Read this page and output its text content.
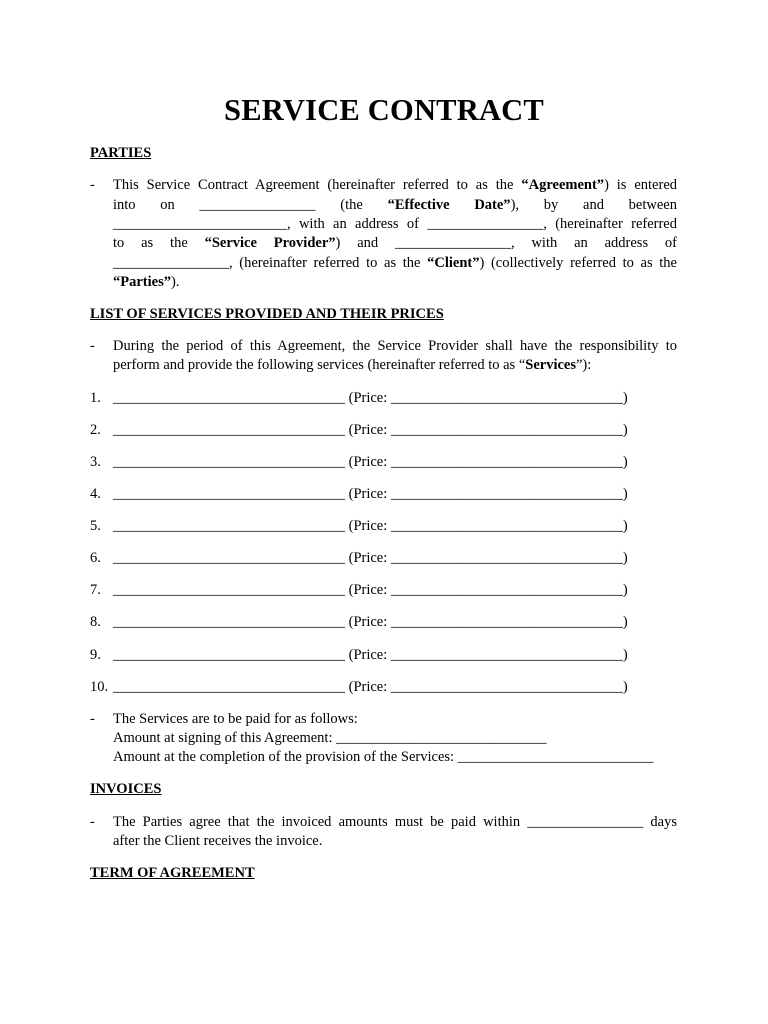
SERVICE CONTRACT
PARTIES
- This Service Contract Agreement (hereinafter referred to as the “Agreement”) is entered
into on ________________ (the “Effective Date”), by and between
________________________, with an address of ________________, (hereinafter referred
to as the “Service Provider”) and ________________, with an address of
________________, (hereinafter referred to as the “Client”) (collectively referred to as the
“Parties”).
LIST OF SERVICES PROVIDED AND THEIR PRICES
- During the period of this Agreement, the Service Provider shall have the responsibility to
perform and provide the following services (hereinafter referred to as “Services”):
1. ________________________________ (Price: ________________________________)
2. ________________________________ (Price: ________________________________)
3. ________________________________ (Price: ________________________________)
4. ________________________________ (Price: ________________________________)
5. ________________________________ (Price: ________________________________)
6. ________________________________ (Price: ________________________________)
7. ________________________________ (Price: ________________________________)
8. ________________________________ (Price: ________________________________)
9. ________________________________ (Price: ________________________________)
10. ________________________________ (Price: ________________________________)
- The Services are to be paid for as follows:
Amount at signing of this Agreement: _____________________________
Amount at the completion of the provision of the Services: ___________________________
INVOICES
- The Parties agree that the invoiced amounts must be paid within ________________ days
after the Client receives the invoice.
TERM OF AGREEMENT
